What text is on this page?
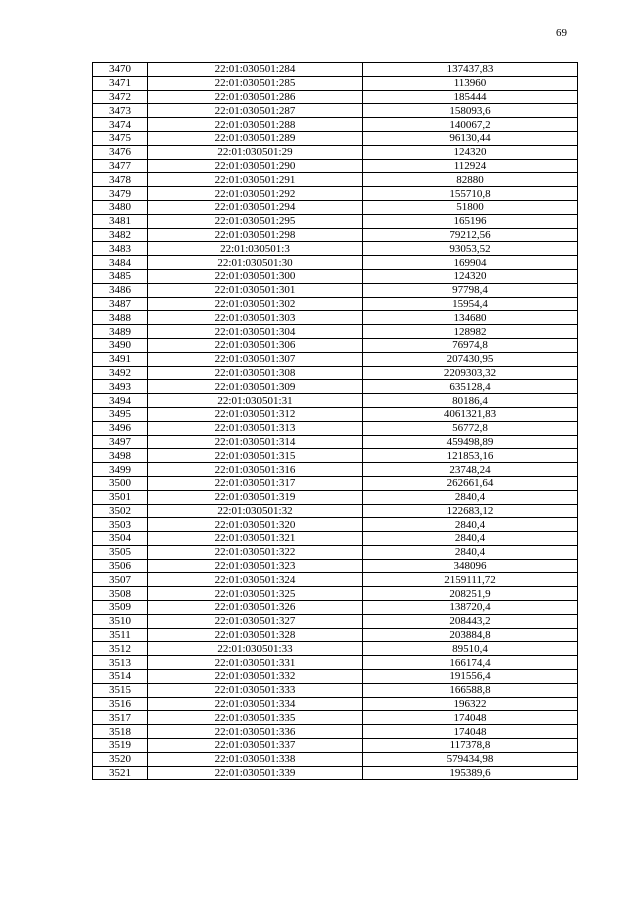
69
3470	22:01:030501:284	137437,83
3471	22:01:030501:285	113960
3472	22:01:030501:286	185444
3473	22:01:030501:287	158093,6
3474	22:01:030501:288	140067,2
3475	22:01:030501:289	96130,44
3476	22:01:030501:29	124320
3477	22:01:030501:290	112924
3478	22:01:030501:291	82880
3479	22:01:030501:292	155710,8
3480	22:01:030501:294	51800
3481	22:01:030501:295	165196
3482	22:01:030501:298	79212,56
3483	22:01:030501:3	93053,52
3484	22:01:030501:30	169904
3485	22:01:030501:300	124320
3486	22:01:030501:301	97798,4
3487	22:01:030501:302	15954,4
3488	22:01:030501:303	134680
3489	22:01:030501:304	128982
3490	22:01:030501:306	76974,8
3491	22:01:030501:307	207430,95
3492	22:01:030501:308	2209303,32
3493	22:01:030501:309	635128,4
3494	22:01:030501:31	80186,4
3495	22:01:030501:312	4061321,83
3496	22:01:030501:313	56772,8
3497	22:01:030501:314	459498,89
3498	22:01:030501:315	121853,16
3499	22:01:030501:316	23748,24
3500	22:01:030501:317	262661,64
3501	22:01:030501:319	2840,4
3502	22:01:030501:32	122683,12
3503	22:01:030501:320	2840,4
3504	22:01:030501:321	2840,4
3505	22:01:030501:322	2840,4
3506	22:01:030501:323	348096
3507	22:01:030501:324	2159111,72
3508	22:01:030501:325	208251,9
3509	22:01:030501:326	138720,4
3510	22:01:030501:327	208443,2
3511	22:01:030501:328	203884,8
3512	22:01:030501:33	89510,4
3513	22:01:030501:331	166174,4
3514	22:01:030501:332	191556,4
3515	22:01:030501:333	166588,8
3516	22:01:030501:334	196322
3517	22:01:030501:335	174048
3518	22:01:030501:336	174048
3519	22:01:030501:337	117378,8
3520	22:01:030501:338	579434,98
3521	22:01:030501:339	195389,6
